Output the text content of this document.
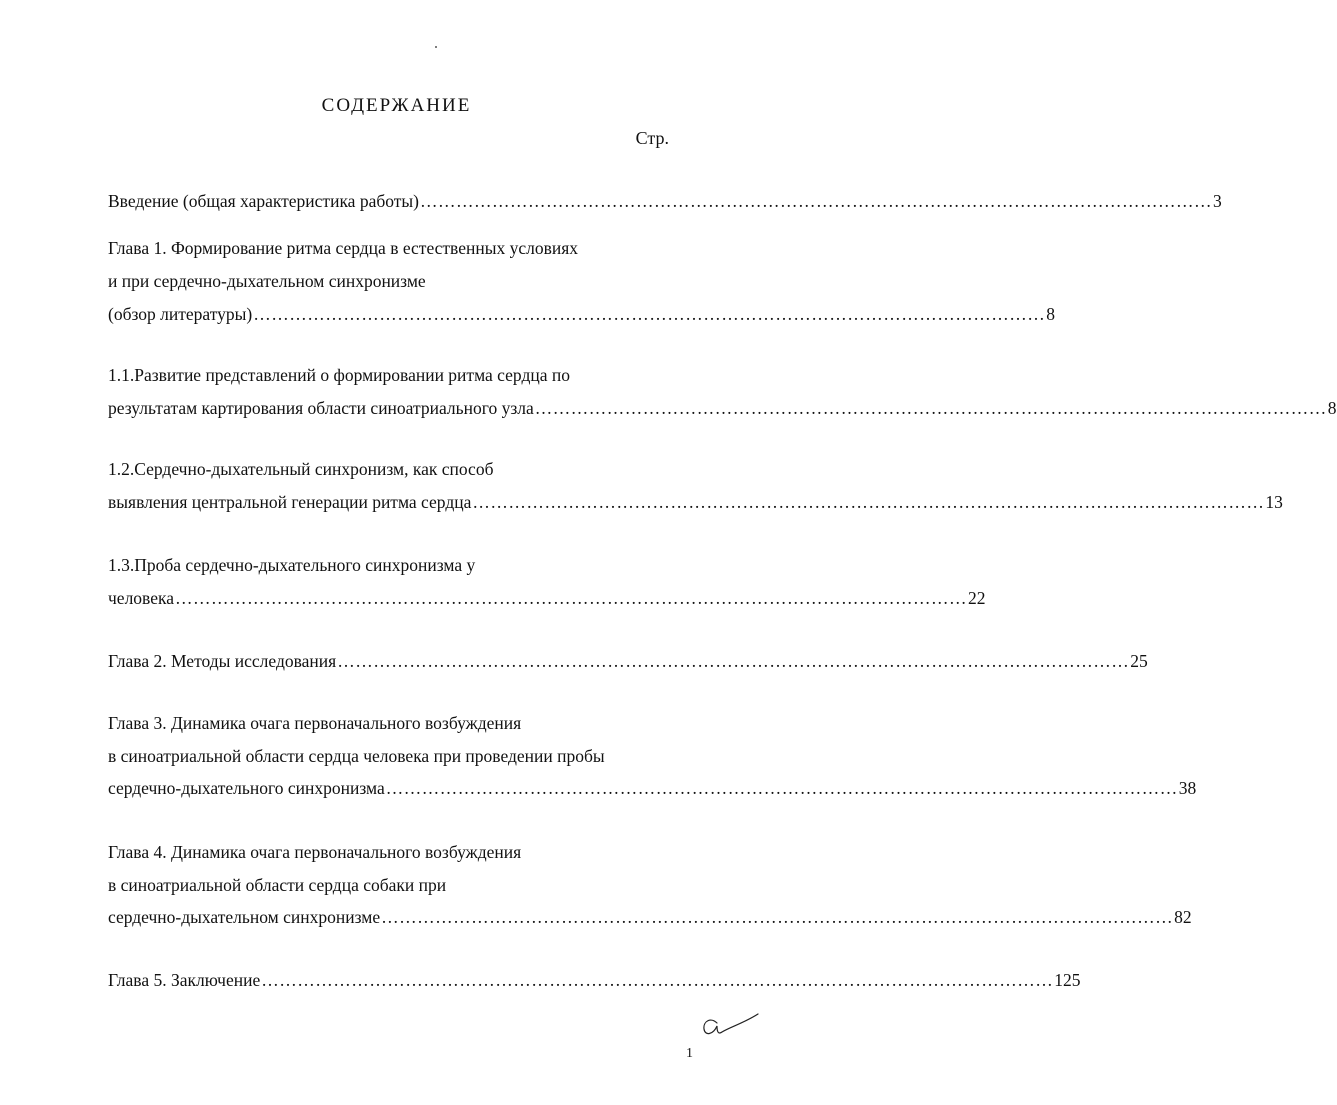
СОДЕРЖАНИЕ
Стр.
Введение (общая характеристика работы) …………………………………………………………………………………………………………………… 3
Глава 1. Формирование ритма сердца в естественных условиях
и при сердечно-дыхательном синхронизме
(обзор литературы) …………………………………………………………………………………………………………………… 8
1.1.Развитие представлений о формировании ритма сердца по
результатам картирования области синоатриального узла …………………………………………………………………………………………………………………… 8
1.2.Сердечно-дыхательный синхронизм, как способ
выявления центральной генерации ритма сердца …………………………………………………………………………………………………………………… 13
1.3.Проба сердечно-дыхательного синхронизма у
человека …………………………………………………………………………………………………………………… 22
Глава 2. Методы исследования …………………………………………………………………………………………………………………… 25
Глава 3. Динамика очага первоначального возбуждения
в синоатриальной области сердца человека при проведении пробы
сердечно-дыхательного синхронизма …………………………………………………………………………………………………………………… 38
Глава 4. Динамика очага первоначального возбуждения
в синоатриальной области сердца собаки при
сердечно-дыхательном синхронизме …………………………………………………………………………………………………………………… 82
Глава 5. Заключение …………………………………………………………………………………………………………………… 125
1
